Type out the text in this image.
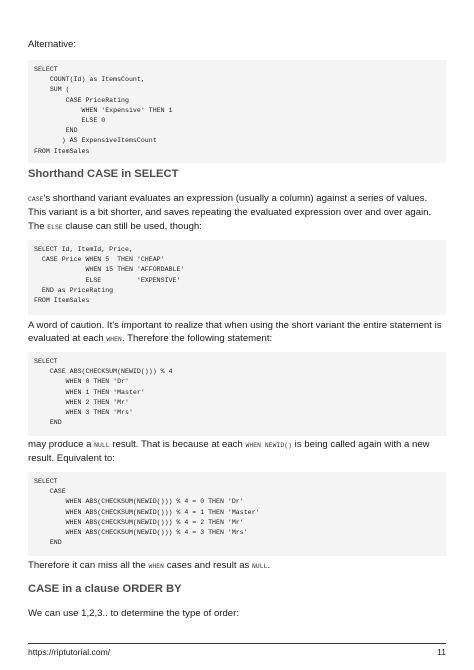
Alternative:

SELECT
COUNT(Id) as ItemsCount,
SUM (
CASE PriceRating
WHEN 'Expensive' THEN 1
ELSE 0
END
) AS ExpensiveItemsCount
FROM ItemSales
Shorthand CASE in SELECT

CASE's shorthand variant evaluates an expression (usually a column) against a series of values. This variant is a bit shorter, and saves repeating the evaluated expression over and over again. The ELSE clause can still be used, though:

SELECT Id, ItemId, Price,
CASE Price WHEN 5  THEN 'CHEAP'
WHEN 15 THEN 'AFFORDABLE'
ELSE         'EXPENSIVE'
END as PriceRating
FROM ItemSales

A word of caution. It's important to realize that when using the short variant the entire statement is evaluated at each WHEN. Therefore the following statement:

SELECT
CASE ABS(CHECKSUM(NEWID())) % 4
WHEN 0 THEN 'Dr'
WHEN 1 THEN 'Master'
WHEN 2 THEN 'Mr'
WHEN 3 THEN 'Mrs'
END

may produce a NULL result. That is because at each WHEN NEWID() is being called again with a new result. Equivalent to:

SELECT
CASE
WHEN ABS(CHECKSUM(NEWID())) % 4 = 0 THEN 'Dr'
WHEN ABS(CHECKSUM(NEWID())) % 4 = 1 THEN 'Master'
WHEN ABS(CHECKSUM(NEWID())) % 4 = 2 THEN 'Mr'
WHEN ABS(CHECKSUM(NEWID())) % 4 = 3 THEN 'Mrs'
END

Therefore it can miss all the WHEN cases and result as NULL.

CASE in a clause ORDER BY

We can use 1,2,3.. to determine the type of order:

https://riptutorial.com/	11
